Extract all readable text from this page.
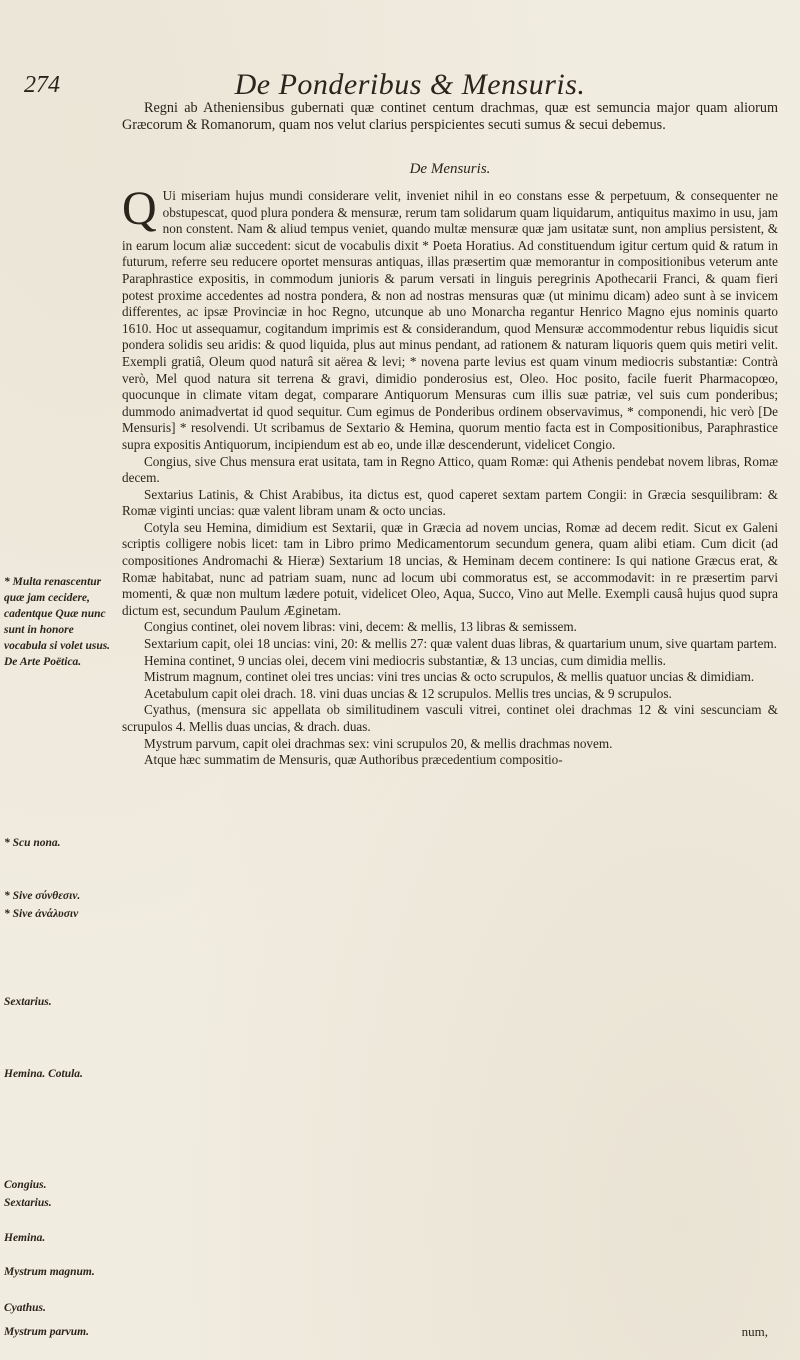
274	De Ponderibus & Mensuris.
* Multa renascentur quæ jam cecidere, cadentque Quæ nunc sunt in honore vocabula si volet usus. De Arte Poëtica.
* Scu nona.
* Sive σύνθεσιν.
* Sive ἀνάλυσιν
Sextarius.
Hemina. Cotula.
Congius.
Sextarius.
Hemina.
Mystrum magnum.
Cyathus.
Mystrum parvum.

Regni ab Atheniensibus gubernati quæ continet centum drachmas, quæ est semuncia major quam aliorum Græcorum & Romanorum, quam nos velut clarius perspicientes secuti sumus & secui debemus.

De Mensuris.

Q Ui miseriam hujus mundi considerare velit, inveniet nihil in eo constans esse & perpetuum, & consequenter ne obstupescat, quod plura pondera & mensuræ, rerum tam solidarum quam liquidarum, antiquitus maximo in usu, jam non constent. Nam & aliud tempus veniet, quando multæ mensuræ quæ jam usitatæ sunt, non amplius persistent, & in earum locum aliæ succedent: sicut de vocabulis dixit * Poeta Horatius. Ad constituendum igitur certum quid & ratum in futurum, referre seu reducere oportet mensuras antiquas, illas præsertim quæ memorantur in compositionibus veterum ante Paraphrastice expositis, in commodum junioris & parum versati in linguis peregrinis Apothecarii Franci, & quam fieri potest proxime accedentes ad nostra pondera, & non ad nostras mensuras quæ (ut minimu dicam) adeo sunt à se invicem differentes, ac ipsæ Provinciæ in hoc Regno, utcunque ab uno Monarcha regantur Henrico Magno ejus nominis quarto 1610. Hoc ut assequamur, cogitandum imprimis est & considerandum, quod Mensuræ accommodentur rebus liquidis sicut pondera solidis seu aridis: & quod liquida, plus aut minus pendant, ad rationem & naturam liquoris quem quis metiri velit. Exempli gratiâ, Oleum quod naturâ sit aërea & levi; * novena parte levius est quam vinum mediocris substantiæ: Contrà verò, Mel quod natura sit terrena & gravi, dimidio ponderosius est, Oleo. Hoc posito, facile fuerit Pharmacopœo, quocunque in climate vitam degat, comparare Antiquorum Mensuras cum illis suæ patriæ, vel suis cum ponderibus; dummodo animadvertat id quod sequitur. Cum egimus de Ponderibus ordinem observavimus, * componendi, hic verò [De Mensuris] * resolvendi. Ut scribamus de Sextario & Hemina, quorum mentio facta est in Compositionibus, Paraphrastice supra expositis Antiquorum, incipiendum est ab eo, unde illæ descenderunt, videlicet Congio.

Congius, sive Chus mensura erat usitata, tam in Regno Attico, quam Romæ: qui Athenis pendebat novem libras, Romæ decem.

Sextarius Latinis, & Chist Arabibus, ita dictus est, quod caperet sextam partem Congii: in Græcia sesquilibram: & Romæ viginti uncias: quæ valent libram unam & octo uncias.

Cotyla seu Hemina, dimidium est Sextarii, quæ in Græcia ad novem uncias, Romæ ad decem redit. Sicut ex Galeni scriptis colligere nobis licet: tam in Libro primo Medicamentorum secundum genera, quam alibi etiam. Cum dicit (ad compositiones Andromachi & Hieræ) Sextarium 18 uncias, & Heminam decem continere: Is qui natione Græcus erat, & Romæ habitabat, nunc ad patriam suam, nunc ad locum ubi commoratus est, se accommodavit: in re præsertim parvi momenti, & quæ non multum lædere potuit, videlicet Oleo, Aqua, Succo, Vino aut Melle. Exempli causâ hujus quod supra dictum est, secundum Paulum Æginetam.

Congius continet, olei novem libras: vini, decem: & mellis, 13 libras & semissem.

Sextarium capit, olei 18 uncias: vini, 20: & mellis 27: quæ valent duas libras, & quartarium unum, sive quartam partem.

Hemina continet, 9 uncias olei, decem vini mediocris substantiæ, & 13 uncias, cum dimidia mellis.

Mistrum magnum, continet olei tres uncias: vini tres uncias & octo scrupulos, & mellis quatuor uncias & dimidiam.

Acetabulum capit olei drach. 18. vini duas uncias & 12 scrupulos. Mellis tres uncias, & 9 scrupulos.

Cyathus, (mensura sic appellata ob similitudinem vasculi vitrei, continet olei drachmas 12 & vini sescunciam & scrupulos 4. Mellis duas uncias, & drach. duas.

Mystrum parvum, capit olei drachmas sex: vini scrupulos 20, & mellis drachmas novem.

Atque hæc summatim de Mensuris, quæ Authoribus præcedentium compositio-

num,
